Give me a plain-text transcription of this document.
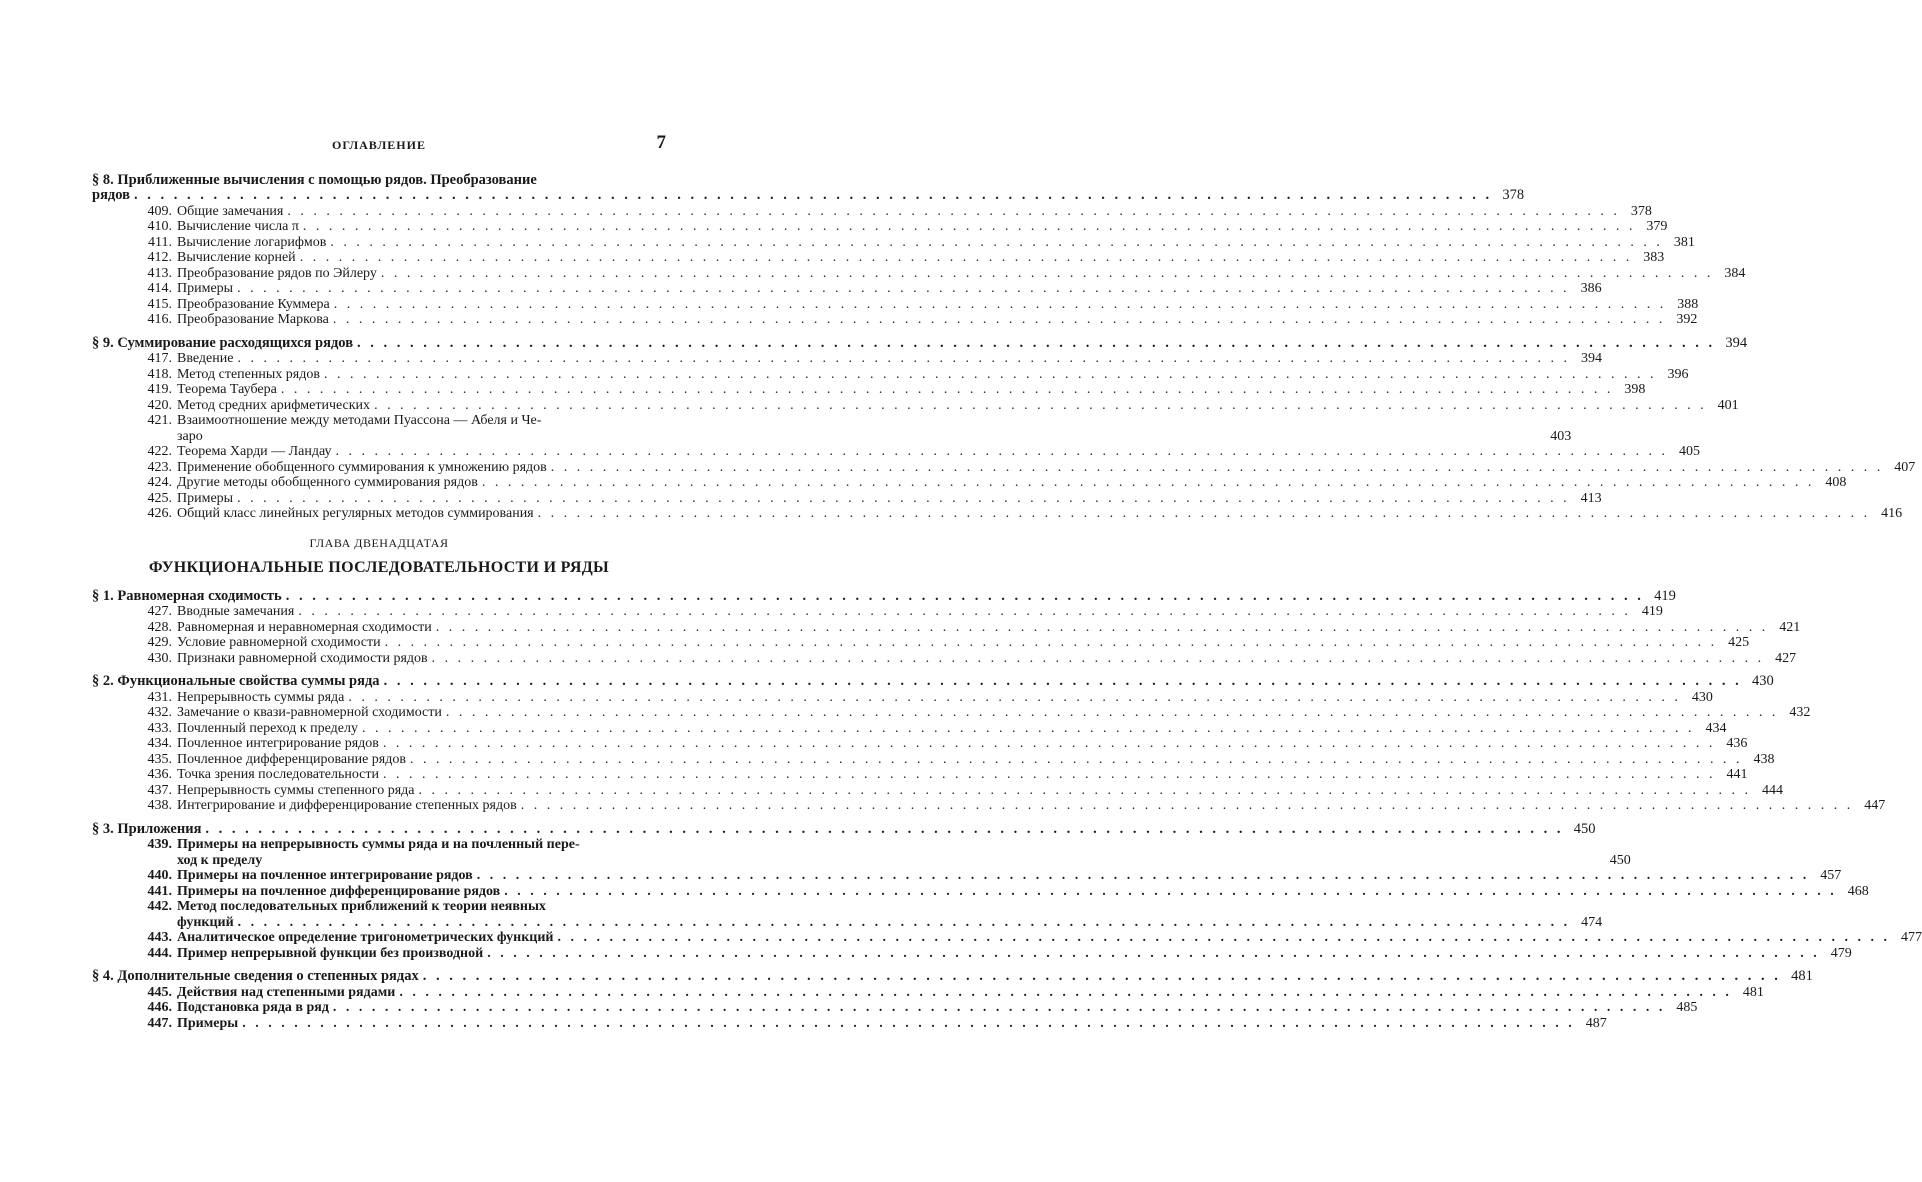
ОГЛАВЛЕНИЕ	7
§ 8. Приближенные вычисления с помощью рядов. Преобразование
рядов . . .	378
409. Общие замечания . . .	378
410. Вычисление числа π . . .	379
411. Вычисление логарифмов . . .	381
412. Вычисление корней . . .	383
413. Преобразование рядов по Эйлеру . . .	384
414. Примеры . . .	386
415. Преобразование Куммера . . .	388
416. Преобразование Маркова . . .	392
§ 9. Суммирование расходящихся рядов . . .	394
417. Введение . . .	394
418. Метод степенных рядов . . .	396
419. Теорема Таубера . . .	398
420. Метод средних арифметических . . .	401
421. Взаимоотношение между методами Пуассона — Абеля и Че-
заро	403
422. Теорема Харди — Ландау . . .	405
423. Применение обобщенного суммирования к умножению рядов . . .	407
424. Другие методы обобщенного суммирования рядов . . .	408
425. Примеры . . .	413
426. Общий класс линейных регулярных методов суммирования . . .	416
ГЛАВА ДВЕНАДЦАТАЯ
ФУНКЦИОНАЛЬНЫЕ ПОСЛЕДОВАТЕЛЬНОСТИ И РЯДЫ
§ 1. Равномерная сходимость . . .	419
427. Вводные замечания . . .	419
428. Равномерная и неравномерная сходимости . . .	421
429. Условие равномерной сходимости . . .	425
430. Признаки равномерной сходимости рядов . . .	427
§ 2. Функциональные свойства суммы ряда . . .	430
431. Непрерывность суммы ряда . . .	430
432. Замечание о квази-равномерной сходимости . . .	432
433. Почленный переход к пределу . . .	434
434. Почленное интегрирование рядов . . .	436
435. Почленное дифференцирование рядов . . .	438
436. Точка зрения последовательности . . .	441
437. Непрерывность суммы степенного ряда . . .	444
438. Интегрирование и дифференцирование степенных рядов . . .	447
§ 3. Приложения . . .	450
439. Примеры на непрерывность суммы ряда и на почленный пере-
ход к пределу	450
440. Примеры на почленное интегрирование рядов . . .	457
441. Примеры на почленное дифференцирование рядов . . .	468
442. Метод последовательных приближений к теории неявных
функций . . .	474
443. Аналитическое определение тригонометрических функций . . .	477
444. Пример непрерывной функции без производной . . .	479
§ 4. Дополнительные сведения о степенных рядах . . .	481
445. Действия над степенными рядами . . .	481
446. Подстановка ряда в ряд . . .	485
447. Примеры . . .	487
